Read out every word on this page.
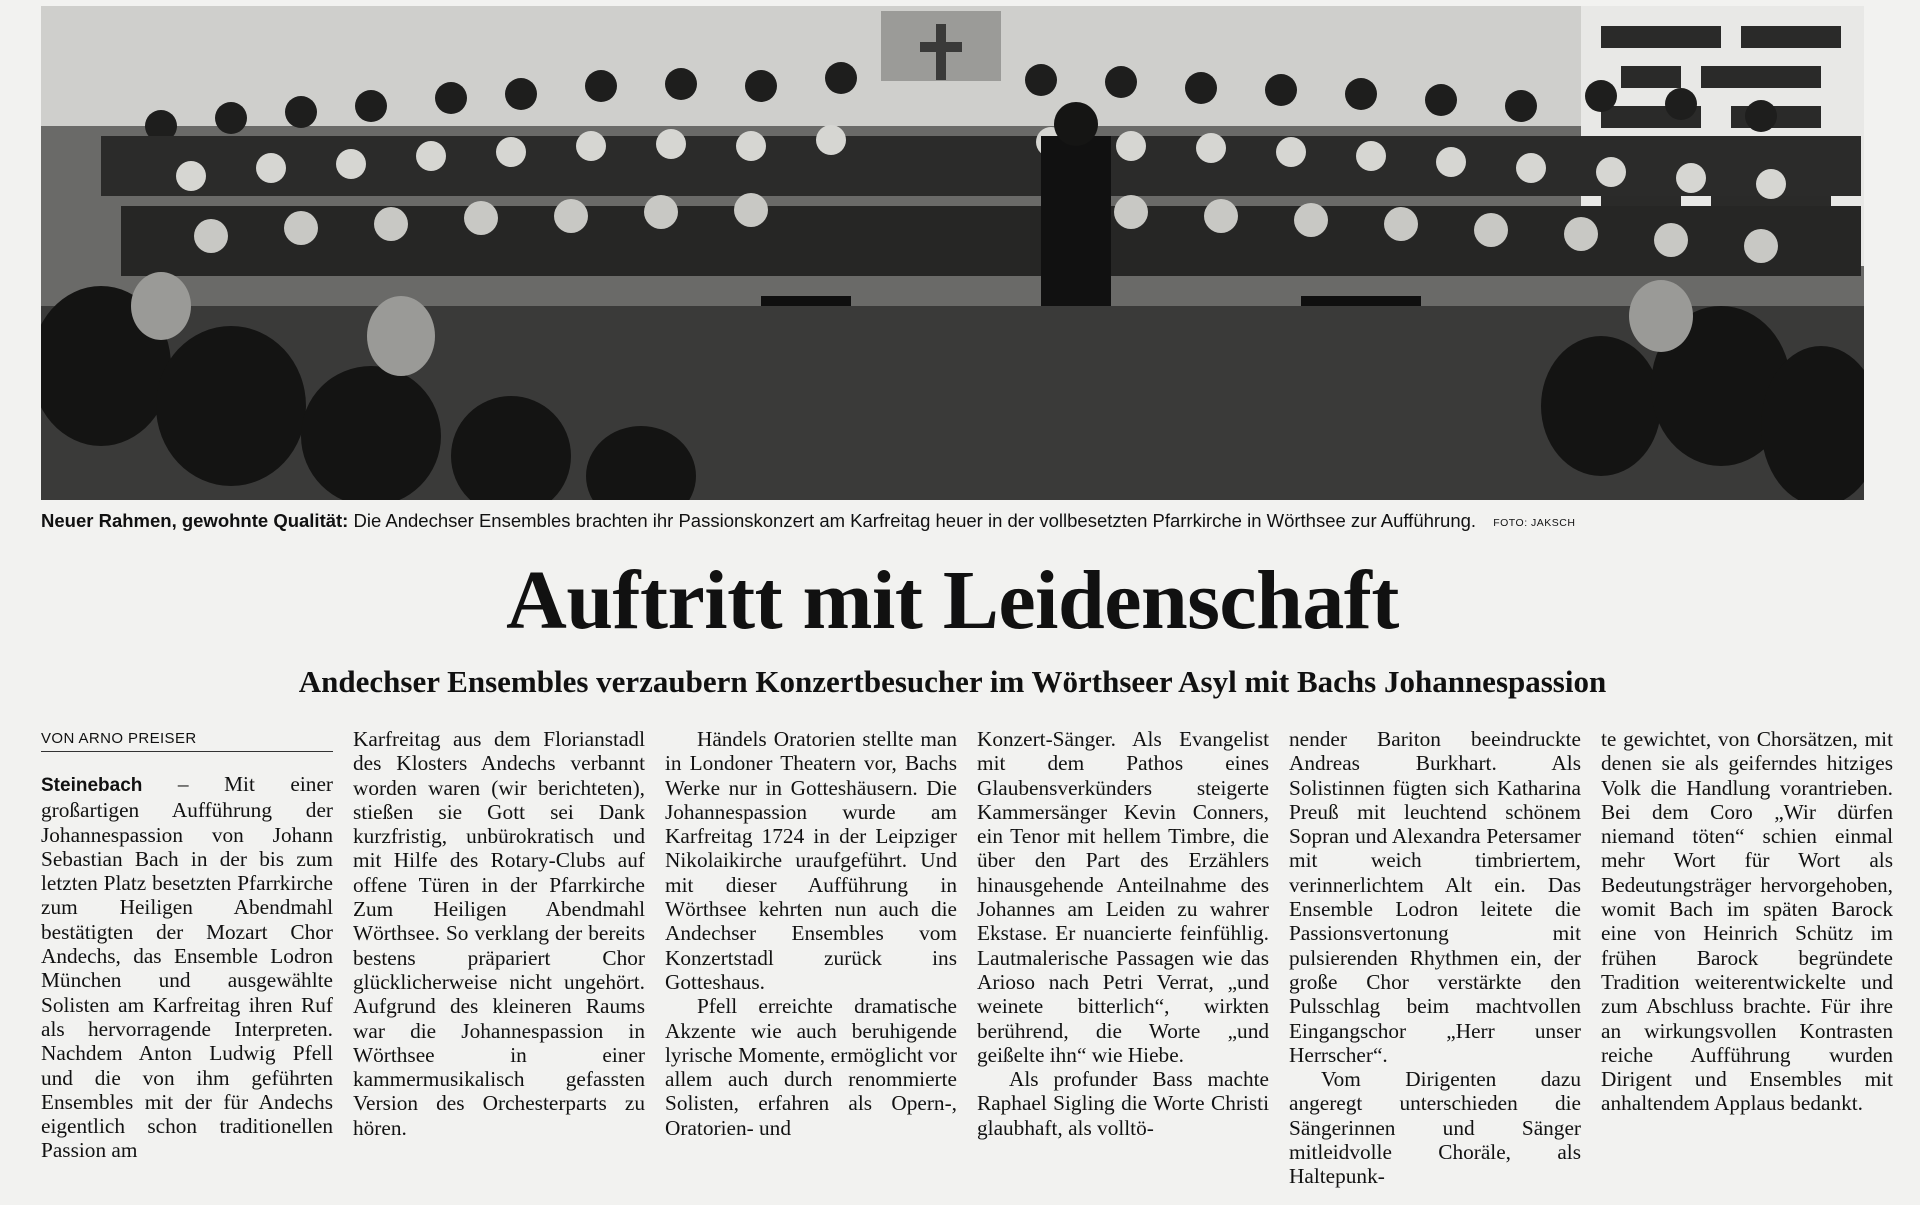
Neuer Rahmen, gewohnte Qualität: Die Andechser Ensembles brachten ihr Passionskonzert am Karfreitag heuer in der vollbesetzten Pfarrkirche in Wörthsee zur Aufführung. FOTO: JAKSCH
Auftritt mit Leidenschaft
Andechser Ensembles verzaubern Konzertbesucher im Wörthseer Asyl mit Bachs Johannespassion
VON ARNO PREISER

Steinebach – Mit einer großartigen Aufführung der Johannespassion von Johann Sebastian Bach in der bis zum letzten Platz besetzten Pfarrkirche zum Heiligen Abendmahl bestätigten der Mozart Chor Andechs, das Ensemble Lodron München und ausgewählte Solisten am Karfreitag ihren Ruf als hervorragende Interpreten. Nachdem Anton Ludwig Pfell und die von ihm geführten Ensembles mit der für Andechs eigentlich schon traditionellen Passion am

Karfreitag aus dem Florianstadl des Klosters Andechs verbannt worden waren (wir berichteten), stießen sie Gott sei Dank kurzfristig, unbürokratisch und mit Hilfe des Rotary-Clubs auf offene Türen in der Pfarrkirche Zum Heiligen Abendmahl Wörthsee. So verklang der bereits bestens präpariert Chor glücklicherweise nicht ungehört. Aufgrund des kleineren Raums war die Johannespassion in Wörthsee in einer kammermusikalisch gefassten Version des Orchesterparts zu hören.

Händels Oratorien stellte man in Londoner Theatern vor, Bachs Werke nur in Gotteshäusern. Die Johannespassion wurde am Karfreitag 1724 in der Leipziger Nikolaikirche uraufgeführt. Und mit dieser Aufführung in Wörthsee kehrten nun auch die Andechser Ensembles vom Konzertstadl zurück ins Gotteshaus.

Pfell erreichte dramatische Akzente wie auch beruhigende lyrische Momente, ermöglicht vor allem auch durch renommierte Solisten, erfahren als Opern-, Oratorien- und

Konzert-Sänger. Als Evangelist mit dem Pathos eines Glaubensverkünders steigerte Kammersänger Kevin Conners, ein Tenor mit hellem Timbre, die über den Part des Erzählers hinausgehende Anteilnahme des Johannes am Leiden zu wahrer Ekstase. Er nuancierte feinfühlig. Lautmalerische Passagen wie das Arioso nach Petri Verrat, „und weinete bitterlich“, wirkten berührend, die Worte „und geißelte ihn“ wie Hiebe.

Als profunder Bass machte Raphael Sigling die Worte Christi glaubhaft, als volltö-

nender Bariton beeindruckte Andreas Burkhart. Als Solistinnen fügten sich Katharina Preuß mit leuchtend schönem Sopran und Alexandra Petersamer mit weich timbriertem, verinnerlichtem Alt ein. Das Ensemble Lodron leitete die Passionsvertonung mit pulsierenden Rhythmen ein, der große Chor verstärkte den Pulsschlag beim machtvollen Eingangschor „Herr unser Herrscher“.

Vom Dirigenten dazu angeregt unterschieden die Sängerinnen und Sänger mitleidvolle Choräle, als Haltepunk-

te gewichtet, von Chorsätzen, mit denen sie als geiferndes hitziges Volk die Handlung vorantrieben. Bei dem Coro „Wir dürfen niemand töten“ schien einmal mehr Wort für Wort als Bedeutungsträger hervorgehoben, womit Bach im späten Barock eine von Heinrich Schütz im frühen Barock begründete Tradition weiterentwickelte und zum Abschluss brachte. Für ihre an wirkungsvollen Kontrasten reiche Aufführung wurden Dirigent und Ensembles mit anhaltendem Applaus bedankt.
